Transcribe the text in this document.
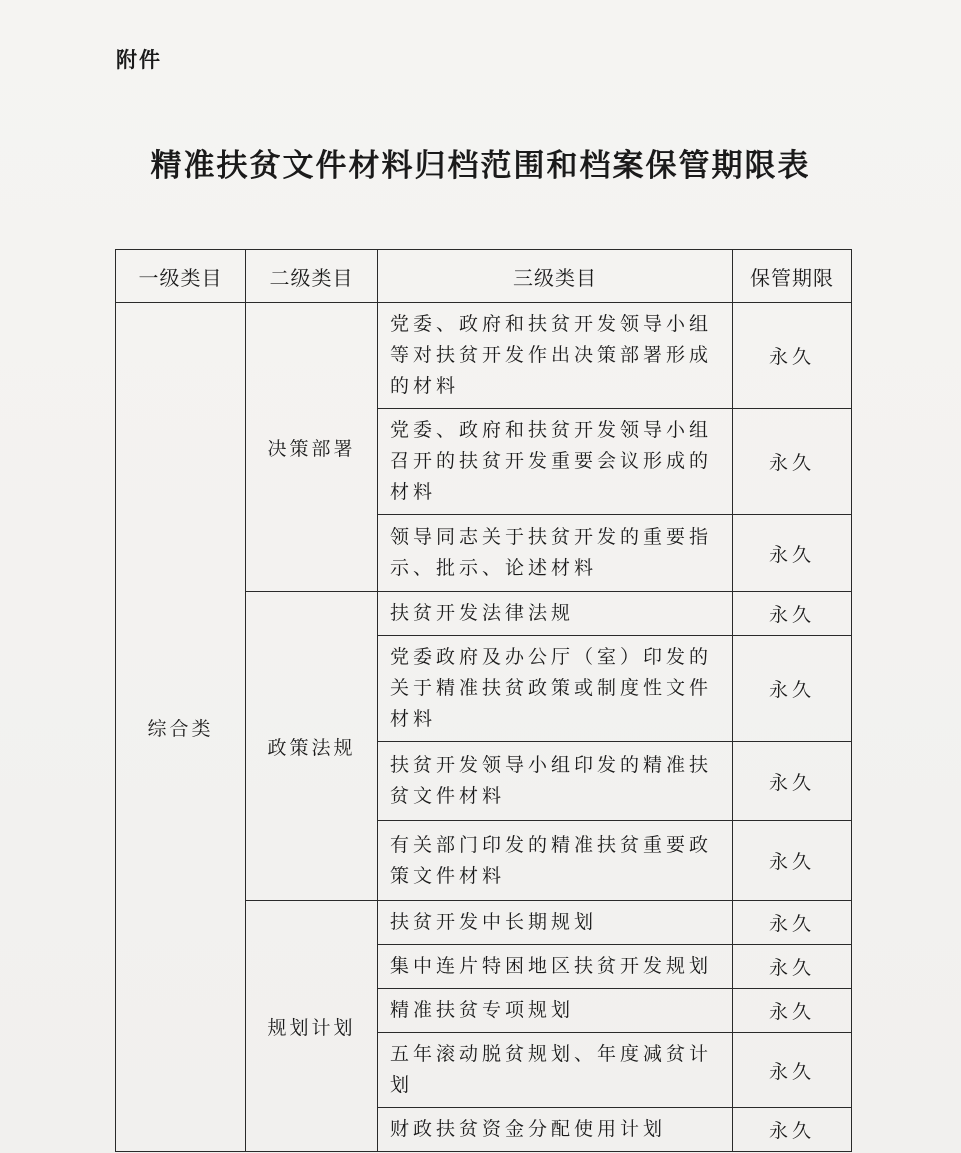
附件
精准扶贫文件材料归档范围和档案保管期限表
一级类目	二级类目	三级类目	保管期限
综合类	决策部署	党委、政府和扶贫开发领导小组等对扶贫开发作出决策部署形成的材料	永久
		党委、政府和扶贫开发领导小组召开的扶贫开发重要会议形成的材料	永久
		领导同志关于扶贫开发的重要指示、批示、论述材料	永久
	政策法规	扶贫开发法律法规	永久
		党委政府及办公厅（室）印发的关于精准扶贫政策或制度性文件材料	永久
		扶贫开发领导小组印发的精准扶贫文件材料	永久
		有关部门印发的精准扶贫重要政策文件材料	永久
	规划计划	扶贫开发中长期规划	永久
		集中连片特困地区扶贫开发规划	永久
		精准扶贫专项规划	永久
		五年滚动脱贫规划、年度减贫计划	永久
		财政扶贫资金分配使用计划	永久
